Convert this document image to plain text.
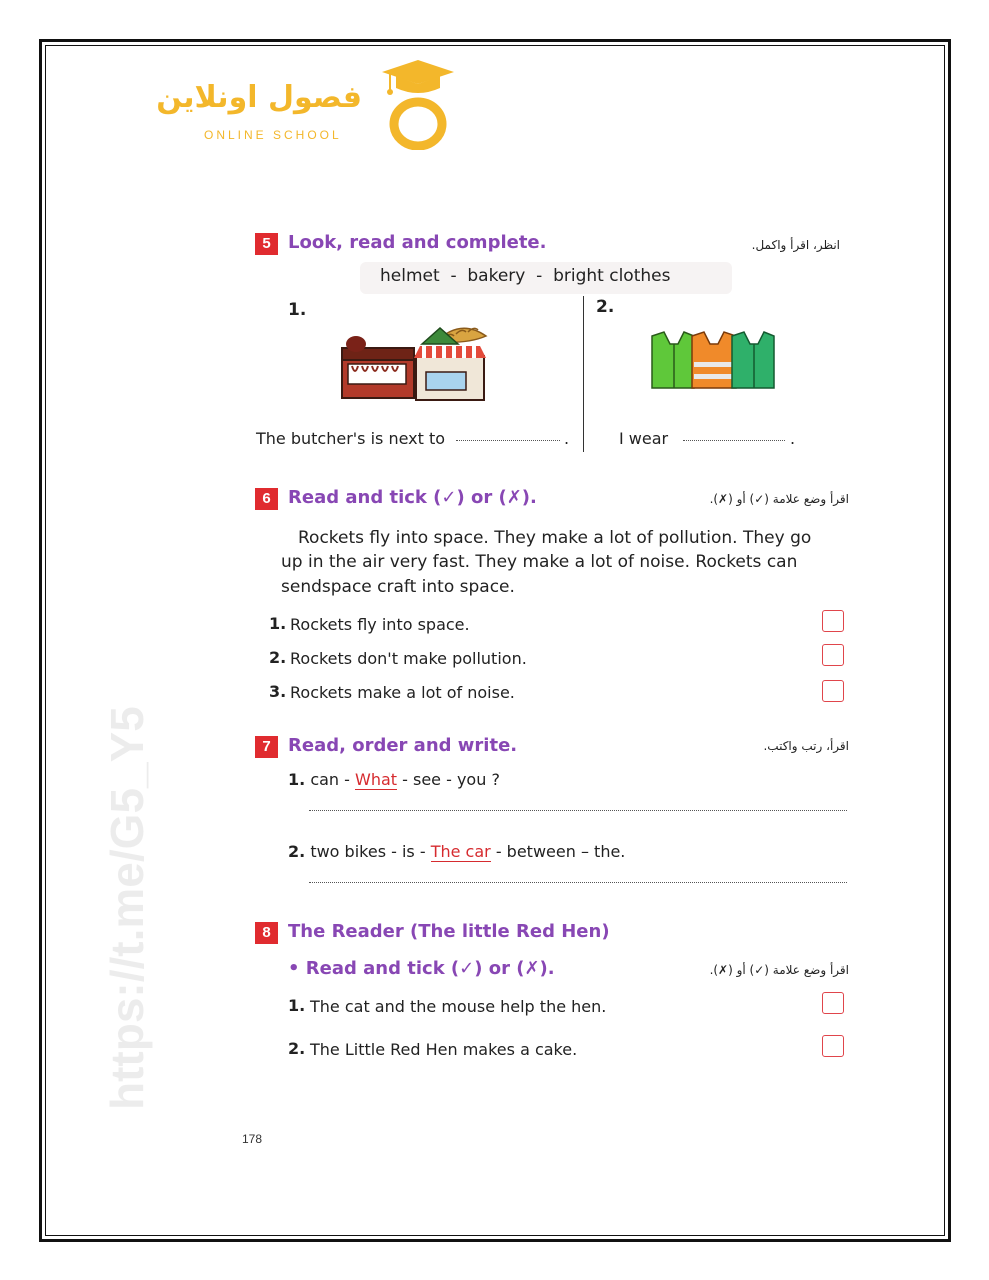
https://t.me/G5_Y5
فصول اونلاين
ONLINE SCHOOL
5 Look, read and complete.	انظر، اقرأ واكمل.
helmet  -  bakery  -  bright clothes
1.	2.
The butcher's is next to	.	I wear	.
6 Read and tick (✓) or (✗).	اقرأ وضع علامة (✓) أو (✗).
Rockets fly into space. They make a lot of pollution. They go
up in the air very fast. They make a lot of noise. Rockets can
sendspace craft into space.
1. Rockets fly into space.
2. Rockets don't make pollution.
3. Rockets make a lot of noise.
7 Read, order and write.	اقرأ، رتب واكتب.
1. can - What - see - you ?
2. two bikes - is - The car - between – the.
8 The Reader (The little Red Hen)
• Read and tick (✓) or (✗).	اقرأ وضع علامة (✓) أو (✗).
1. The cat and the mouse help the hen.
2. The Little Red Hen makes a cake.
178
